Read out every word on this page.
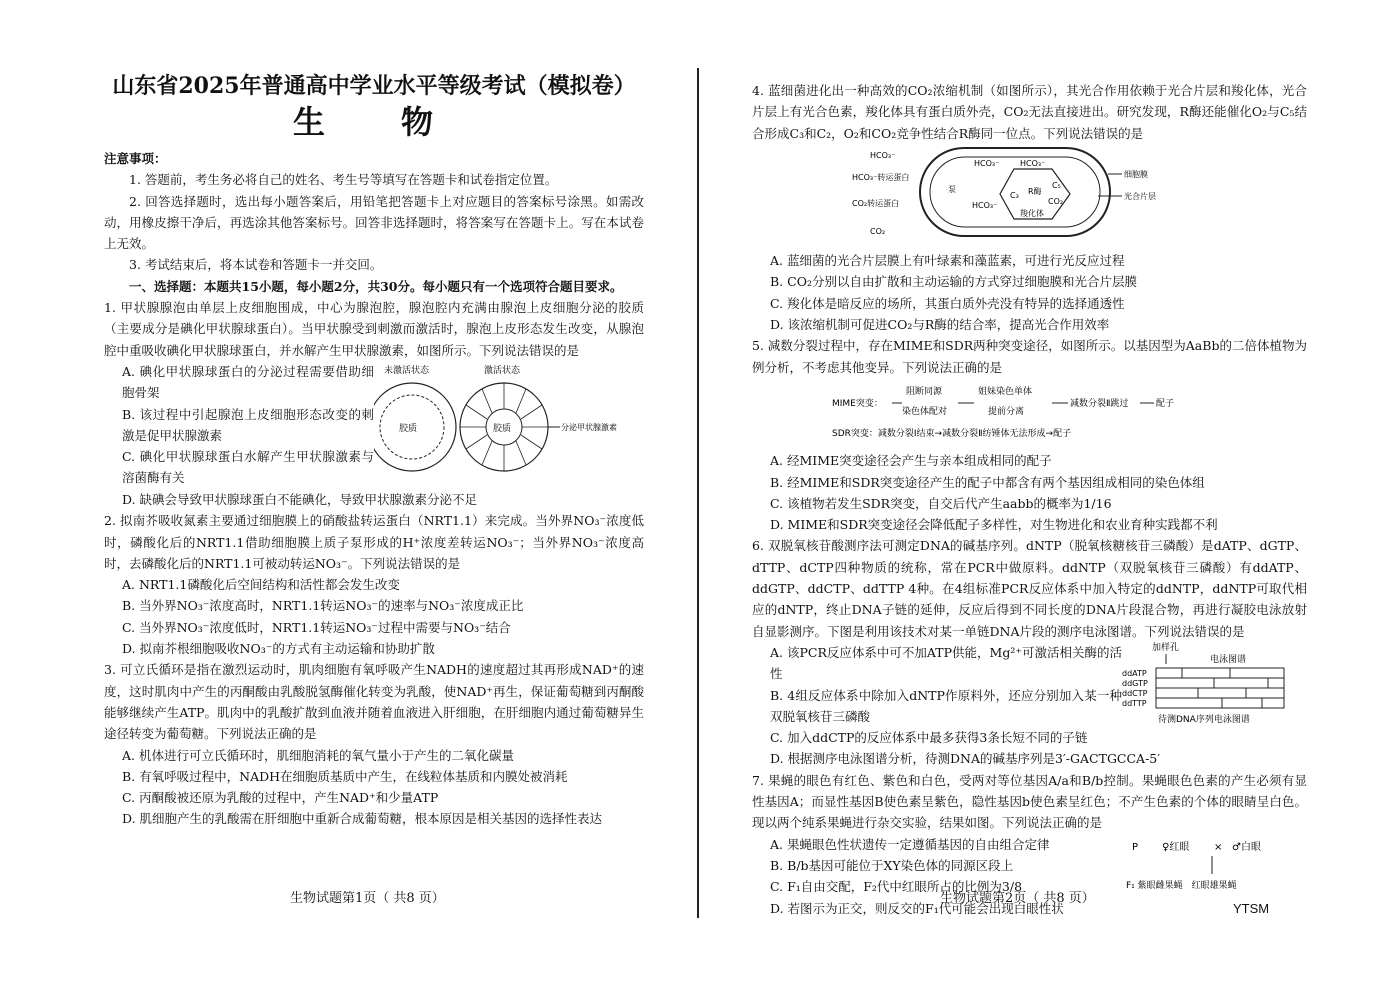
山东省2025年普通高中学业水平等级考试（模拟卷）
生　物

注意事项：

1. 答题前，考生务必将自己的姓名、考生号等填写在答题卡和试卷指定位置。

2. 回答选择题时，选出每小题答案后，用铅笔把答题卡上对应题目的答案标号涂黑。如需改动，用橡皮擦干净后，再选涂其他答案标号。回答非选择题时，将答案写在答题卡上。写在本试卷上无效。

3. 考试结束后，将本试卷和答题卡一并交回。

一、选择题：本题共15小题，每小题2分，共30分。每小题只有一个选项符合题目要求。

1. 甲状腺腺泡由单层上皮细胞围成，中心为腺泡腔，腺泡腔内充满由腺泡上皮细胞分泌的胶质（主要成分是碘化甲状腺球蛋白）。当甲状腺受到刺激而激活时，腺泡上皮形态发生改变，从腺泡腔中重吸收碘化甲状腺球蛋白，并水解产生甲状腺激素，如图所示。下列说法错误的是

A. 碘化甲状腺球蛋白的分泌过程需要借助细胞骨架

B. 该过程中引起腺泡上皮细胞形态改变的刺激是促甲状腺激素

C. 碘化甲状腺球蛋白水解产生甲状腺激素与溶菌酶有关

未激活状态	激活状态
胶质	胶质	分泌甲状腺激素

D. 缺碘会导致甲状腺球蛋白不能碘化，导致甲状腺激素分泌不足

2. 拟南芥吸收氮素主要通过细胞膜上的硝酸盐转运蛋白（NRT1.1）来完成。当外界NO₃⁻浓度低时，磷酸化后的NRT1.1借助细胞膜上质子泵形成的H⁺浓度差转运NO₃⁻；当外界NO₃⁻浓度高时，去磷酸化后的NRT1.1可被动转运NO₃⁻。下列说法错误的是

A. NRT1.1磷酸化后空间结构和活性都会发生改变

B. 当外界NO₃⁻浓度高时，NRT1.1转运NO₃⁻的速率与NO₃⁻浓度成正比

C. 当外界NO₃⁻浓度低时，NRT1.1转运NO₃⁻过程中需要与NO₃⁻结合

D. 拟南芥根细胞吸收NO₃⁻的方式有主动运输和协助扩散

3. 可立氏循环是指在激烈运动时，肌肉细胞有氧呼吸产生NADH的速度超过其再形成NAD⁺的速度，这时肌肉中产生的丙酮酸由乳酸脱氢酶催化转变为乳酸，使NAD⁺再生，保证葡萄糖到丙酮酸能够继续产生ATP。肌肉中的乳酸扩散到血液并随着血液进入肝细胞，在肝细胞内通过葡萄糖异生途径转变为葡萄糖。下列说法正确的是

A. 机体进行可立氏循环时，肌细胞消耗的氧气量小于产生的二氧化碳量

B. 有氧呼吸过程中，NADH在细胞质基质中产生，在线粒体基质和内膜处被消耗

C. 丙酮酸被还原为乳酸的过程中，产生NAD⁺和少量ATP

D. 肌细胞产生的乳酸需在肝细胞中重新合成葡萄糖，根本原因是相关基因的选择性表达

生物试题第1页（ 共8 页）

4. 蓝细菌进化出一种高效的CO₂浓缩机制（如图所示），其光合作用依赖于光合片层和羧化体，光合片层上有光合色素，羧化体具有蛋白质外壳，CO₂无法直接进出。研究发现，R酶还能催化O₂与C₅结合形成C₃和C₂，O₂和CO₂竞争性结合R酶同一位点。下列说法错误的是

HCO₃⁻
HCO₃⁻转运蛋白
CO₂转运蛋白
CO₂
HCO₃⁻	HCO₃⁻
HCO₃⁻
泵
C₃
C₅
R酶
CO₂
羧化体
细胞膜
光合片层

A. 蓝细菌的光合片层膜上有叶绿素和藻蓝素，可进行光反应过程

B. CO₂分别以自由扩散和主动运输的方式穿过细胞膜和光合片层膜

C. 羧化体是暗反应的场所，其蛋白质外壳没有特异的选择通透性

D. 该浓缩机制可促进CO₂与R酶的结合率，提高光合作用效率

5. 减数分裂过程中，存在MIME和SDR两种突变途径，如图所示。以基因型为AaBb的二倍体植物为例分析，不考虑其他变异。下列说法正确的是

MIME突变：
阻断同源
染色体配对
姐妹染色单体
提前分离
减数分裂Ⅱ跳过	配子
SDR突变：减数分裂Ⅰ结束→减数分裂Ⅱ纺锤体无法形成→配子

A. 经MIME突变途径会产生与亲本组成相同的配子

B. 经MIME和SDR突变途径产生的配子中都含有两个基因组成相同的染色体组

C. 该植物若发生SDR突变，自交后代产生aabb的概率为1/16

D. MIME和SDR突变途径会降低配子多样性，对生物进化和农业育种实践都不利

6. 双脱氧核苷酸测序法可测定DNA的碱基序列。dNTP（脱氧核糖核苷三磷酸）是dATP、dGTP、dTTP、dCTP四种物质的统称，常在PCR中做原料。ddNTP（双脱氧核苷三磷酸）有ddATP、ddGTP、ddCTP、ddTTP 4种。在4组标准PCR反应体系中加入特定的ddNTP，ddNTP可取代相应的dNTP，终止DNA子链的延伸，反应后得到不同长度的DNA片段混合物，再进行凝胶电泳放射自显影测序。下图是利用该技术对某一单链DNA片段的测序电泳图谱。下列说法错误的是

A. 该PCR反应体系中可不加ATP供能，Mg²⁺可激活相关酶的活性

B. 4组反应体系中除加入dNTP作原料外，还应分别加入某一种双脱氧核苷三磷酸

C. 加入ddCTP的反应体系中最多获得3条长短不同的子链

加样孔
电泳图谱
ddATP
ddGTP
ddCTP
ddTTP
待测DNA序列电泳图谱

D. 根据测序电泳图谱分析，待测DNA的碱基序列是3′-GACTGCCA-5′

7. 果蝇的眼色有红色、紫色和白色，受两对等位基因A/a和B/b控制。果蝇眼色色素的产生必须有显性基因A；而显性基因B使色素呈紫色，隐性基因b使色素呈红色；不产生色素的个体的眼睛呈白色。现以两个纯系果蝇进行杂交实验，结果如图。下列说法正确的是

A. 果蝇眼色性状遗传一定遵循基因的自由组合定律

B. B/b基因可能位于XY染色体的同源区段上

C. F₁自由交配，F₂代中红眼所占的比例为3/8

D. 若图示为正交，则反交的F₁代可能会出现白眼性状

P ♀红眼 × ♂白眼
F₁ 紫眼雌果蝇　红眼雄果蝇
生物试题第2页（ 共8 页）
YTSM
